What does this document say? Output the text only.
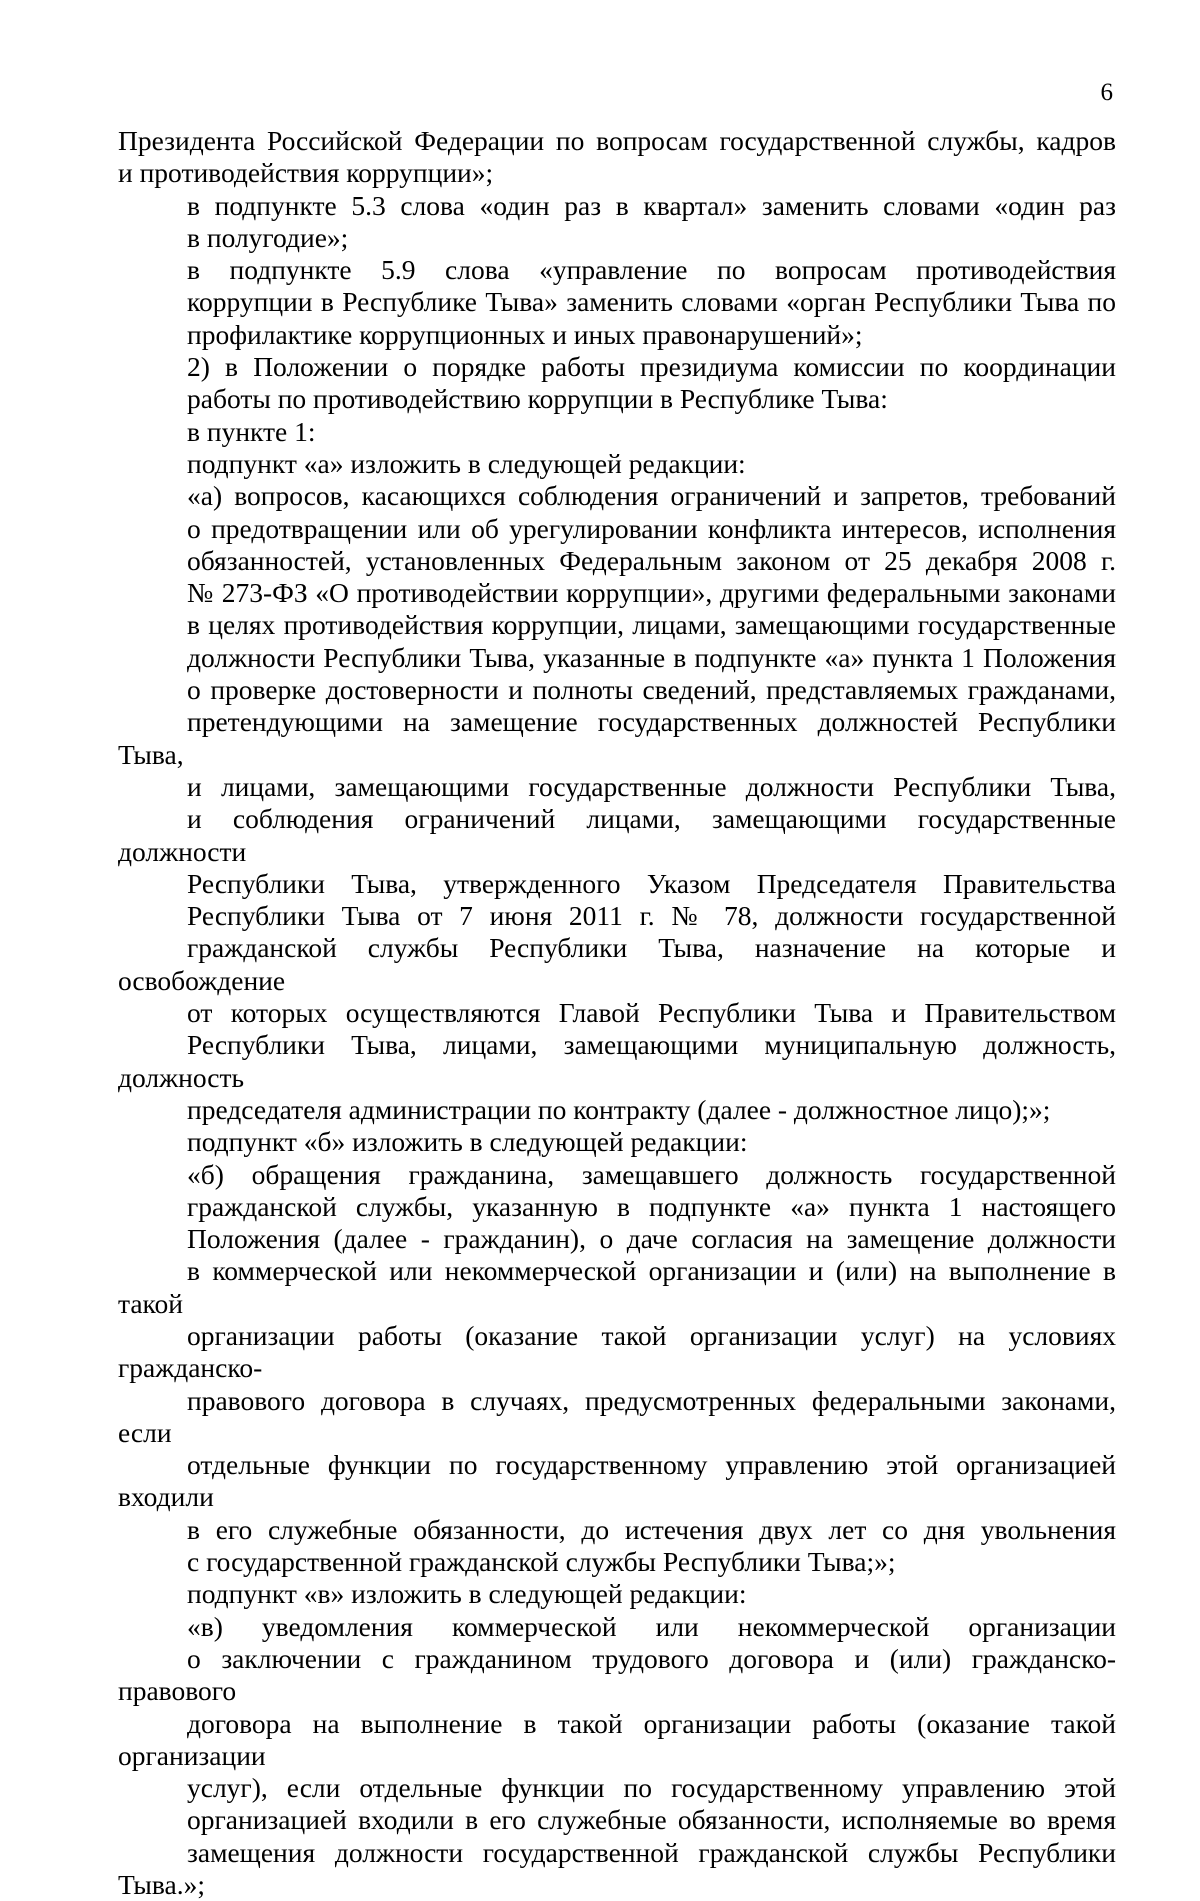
6

Президента Российской Федерации по вопросам государственной службы, кадров
и противодействия коррупции»;

в подпункте 5.3 слова «один раз в квартал» заменить словами «один раз
в полугодие»;

в подпункте 5.9 слова «управление по вопросам противодействия
коррупции в Республике Тыва» заменить словами «орган Республики Тыва по
профилактике коррупционных и иных правонарушений»;

2) в Положении о порядке работы президиума комиссии по координации
работы по противодействию коррупции в Республике Тыва:

в пункте 1:

подпункт «а» изложить в следующей редакции:

«а) вопросов, касающихся соблюдения ограничений и запретов, требований
о предотвращении или об урегулировании конфликта интересов, исполнения
обязанностей, установленных Федеральным законом от 25 декабря 2008 г.
№ 273-ФЗ «О противодействии коррупции», другими федеральными законами
в целях противодействия коррупции, лицами, замещающими государственные
должности Республики Тыва, указанные в подпункте «а» пункта 1 Положения
о проверке достоверности и полноты сведений, представляемых гражданами,
претендующими на замещение государственных должностей Республики Тыва,
и лицами, замещающими государственные должности Республики Тыва,
и соблюдения ограничений лицами, замещающими государственные должности
Республики Тыва, утвержденного Указом Председателя Правительства
Республики Тыва от 7 июня 2011 г. № 78, должности государственной
гражданской службы Республики Тыва, назначение на которые и освобождение
от которых осуществляются Главой Республики Тыва и Правительством
Республики Тыва, лицами, замещающими муниципальную должность, должность
председателя администрации по контракту (далее - должностное лицо);»;

подпункт «б» изложить в следующей редакции:

«б) обращения гражданина, замещавшего должность государственной
гражданской службы, указанную в подпункте «а» пункта 1 настоящего
Положения (далее - гражданин), о даче согласия на замещение должности
в коммерческой или некоммерческой организации и (или) на выполнение в такой
организации работы (оказание такой организации услуг) на условиях гражданско-
правового договора в случаях, предусмотренных федеральными законами, если
отдельные функции по государственному управлению этой организацией входили
в его служебные обязанности, до истечения двух лет со дня увольнения
с государственной гражданской службы Республики Тыва;»;

подпункт «в» изложить в следующей редакции:

«в) уведомления коммерческой или некоммерческой организации
о заключении с гражданином трудового договора и (или) гражданско-правового
договора на выполнение в такой организации работы (оказание такой организации
услуг), если отдельные функции по государственному управлению этой
организацией входили в его служебные обязанности, исполняемые во время
замещения должности государственной гражданской службы Республики Тыва.»;
